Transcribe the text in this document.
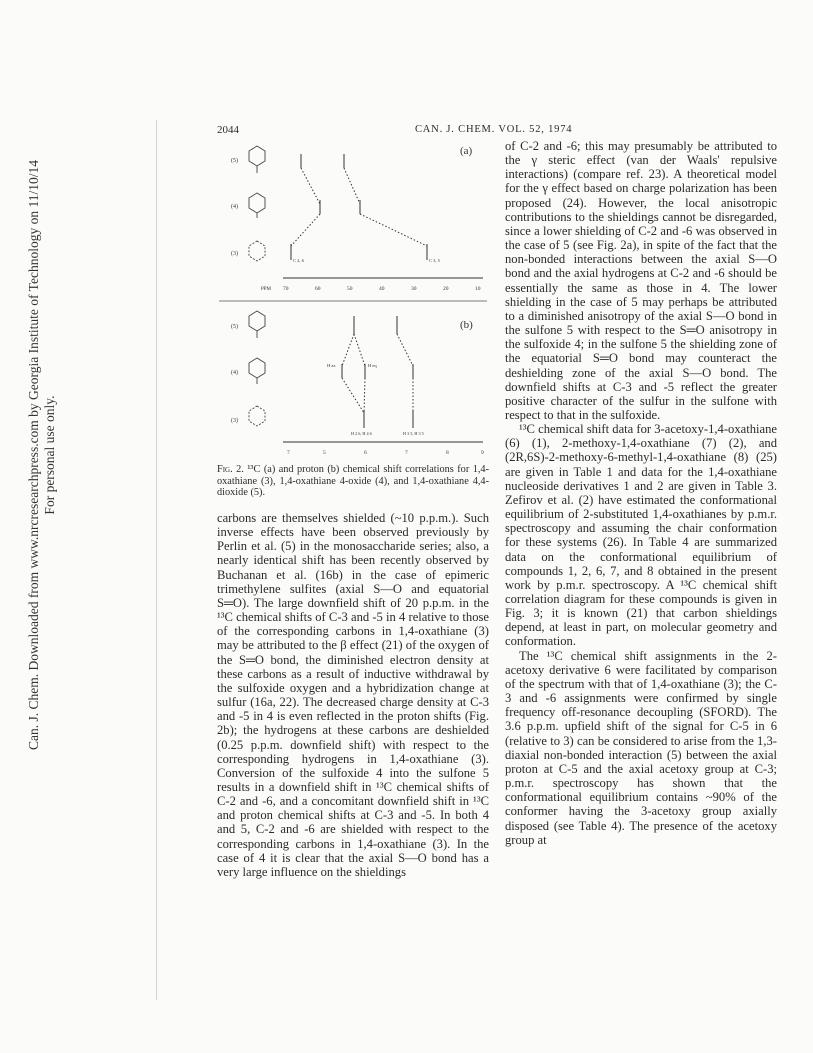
Can. J. Chem. Downloaded from www.nrcresearchpress.com by Georgia Institute of Technology on 11/10/14 For personal use only.
2044	CAN. J. CHEM. VOL. 52, 1974
(a)
(b)
(5)
(4)
(3)
(5)
(4)
(3)
C 2, 6	C 3, 5
PPM 70	60	50	40	30	20	10
H ax	H eq
H 2 6, H 4 6	H 3 5, H 3 5
7	5	6	7	8	9
Fig. 2. ¹³C (a) and proton (b) chemical shift correlations for 1,4-oxathiane (3), 1,4-oxathiane 4-oxide (4), and 1,4-oxathiane 4,4-dioxide (5).

carbons are themselves shielded (~10 p.p.m.). Such inverse effects have been observed previously by Perlin et al. (5) in the monosaccharide series; also, a nearly identical shift has been recently observed by Buchanan et al. (16b) in the case of epimeric trimethylene sulfites (axial S—O and equatorial S═O). The large downfield shift of 20 p.p.m. in the ¹³C chemical shifts of C-3 and -5 in 4 relative to those of the corresponding carbons in 1,4-oxathiane (3) may be attributed to the β effect (21) of the oxygen of the S═O bond, the diminished electron density at these carbons as a result of inductive withdrawal by the sulfoxide oxygen and a hybridization change at sulfur (16a, 22). The decreased charge density at C-3 and -5 in 4 is even reflected in the proton shifts (Fig. 2b); the hydrogens at these carbons are deshielded (0.25 p.p.m. downfield shift) with respect to the corresponding hydrogens in 1,4-oxathiane (3). Conversion of the sulfoxide 4 into the sulfone 5 results in a downfield shift in ¹³C chemical shifts of C-2 and -6, and a concomitant downfield shift in ¹³C and proton chemical shifts at C-3 and -5. In both 4 and 5, C-2 and -6 are shielded with respect to the corresponding carbons in 1,4-oxathiane (3). In the case of 4 it is clear that the axial S—O bond has a very large influence on the shieldings

of C-2 and -6; this may presumably be attributed to the γ steric effect (van der Waals' repulsive interactions) (compare ref. 23). A theoretical model for the γ effect based on charge polarization has been proposed (24). However, the local anisotropic contributions to the shieldings cannot be disregarded, since a lower shielding of C-2 and -6 was observed in the case of 5 (see Fig. 2a), in spite of the fact that the non-bonded interactions between the axial S—O bond and the axial hydrogens at C-2 and -6 should be essentially the same as those in 4. The lower shielding in the case of 5 may perhaps be attributed to a diminished anisotropy of the axial S—O bond in the sulfone 5 with respect to the S═O anisotropy in the sulfoxide 4; in the sulfone 5 the shielding zone of the equatorial S═O bond may counteract the deshielding zone of the axial S—O bond. The downfield shifts at C-3 and -5 reflect the greater positive character of the sulfur in the sulfone with respect to that in the sulfoxide.

¹³C chemical shift data for 3-acetoxy-1,4-oxathiane (6) (1), 2-methoxy-1,4-oxathiane (7) (2), and (2R,6S)-2-methoxy-6-methyl-1,4-oxathiane (8) (25) are given in Table 1 and data for the 1,4-oxathiane nucleoside derivatives 1 and 2 are given in Table 3. Zefirov et al. (2) have estimated the conformational equilibrium of 2-substituted 1,4-oxathianes by p.m.r. spectroscopy and assuming the chair conformation for these systems (26). In Table 4 are summarized data on the conformational equilibrium of compounds 1, 2, 6, 7, and 8 obtained in the present work by p.m.r. spectroscopy. A ¹³C chemical shift correlation diagram for these compounds is given in Fig. 3; it is known (21) that carbon shieldings depend, at least in part, on molecular geometry and conformation.

The ¹³C chemical shift assignments in the 2-acetoxy derivative 6 were facilitated by comparison of the spectrum with that of 1,4-oxathiane (3); the C-3 and -6 assignments were confirmed by single frequency off-resonance decoupling (SFORD). The 3.6 p.p.m. upfield shift of the signal for C-5 in 6 (relative to 3) can be considered to arise from the 1,3-diaxial non-bonded interaction (5) between the axial proton at C-5 and the axial acetoxy group at C-3; p.m.r. spectroscopy has shown that the conformational equilibrium contains ~90% of the conformer having the 3-acetoxy group axially disposed (see Table 4). The presence of the acetoxy group at
